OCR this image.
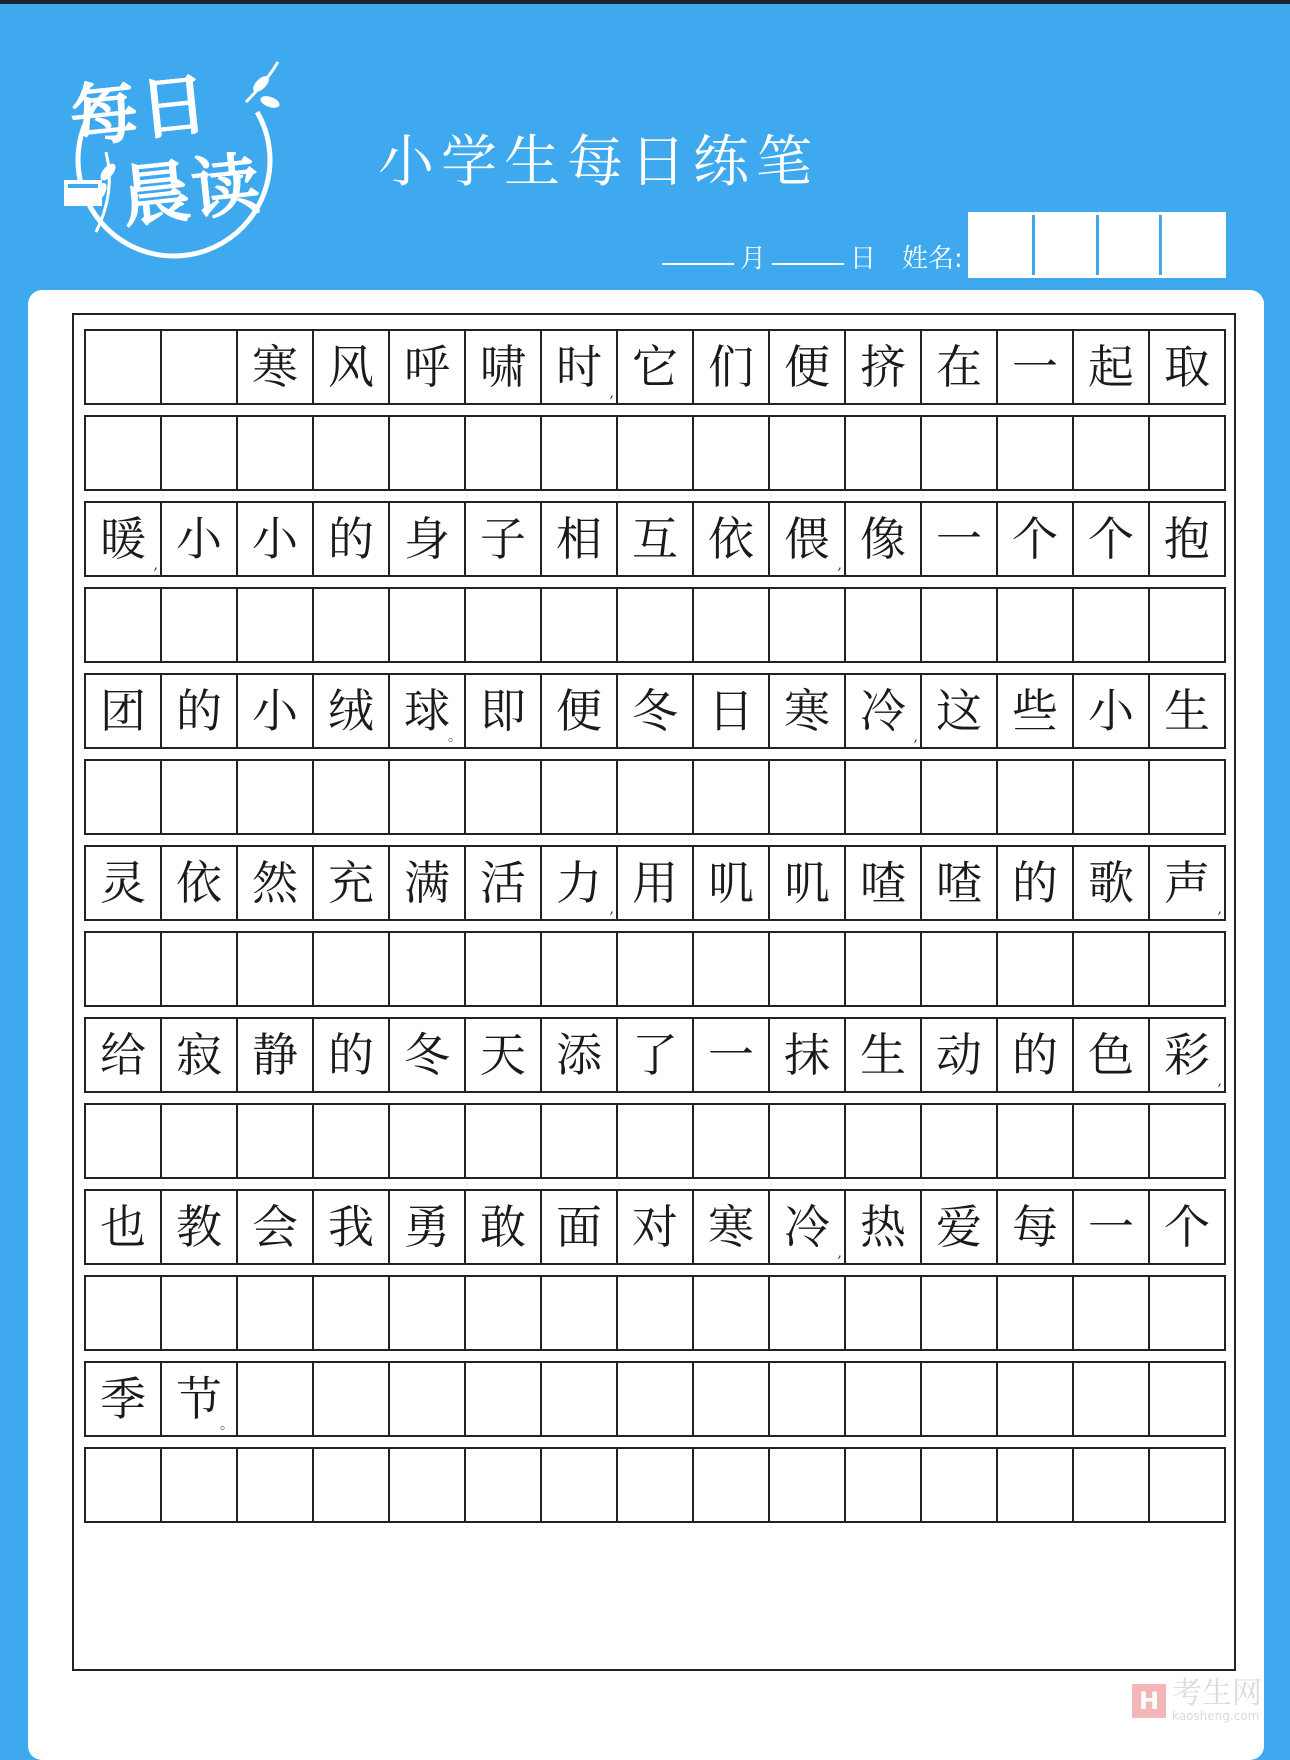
每日
晨读 小学生每日练笔
月	日 姓名:
寒 风 呼 啸 时 , 它 们 便 挤 在 一 起 取
暖 , 小 小 的 身 子 相 互 依 偎 , 像 一 个 个 抱
团 的 小 绒 球
。 即 便 冬 日 寒 冷 , 这 些 小 生
灵 依 然 充 满 活 力 , 用 叽 叽 喳 喳 的 歌 声 ,
给 寂 静 的 冬 天 添 了 一 抹 生 动 的 色 彩 ,
也 教 会 我 勇 敢 面 对 寒 冷 , 热 爱 每 一 个
季 节
。
H 考生网
kaosheng.com
